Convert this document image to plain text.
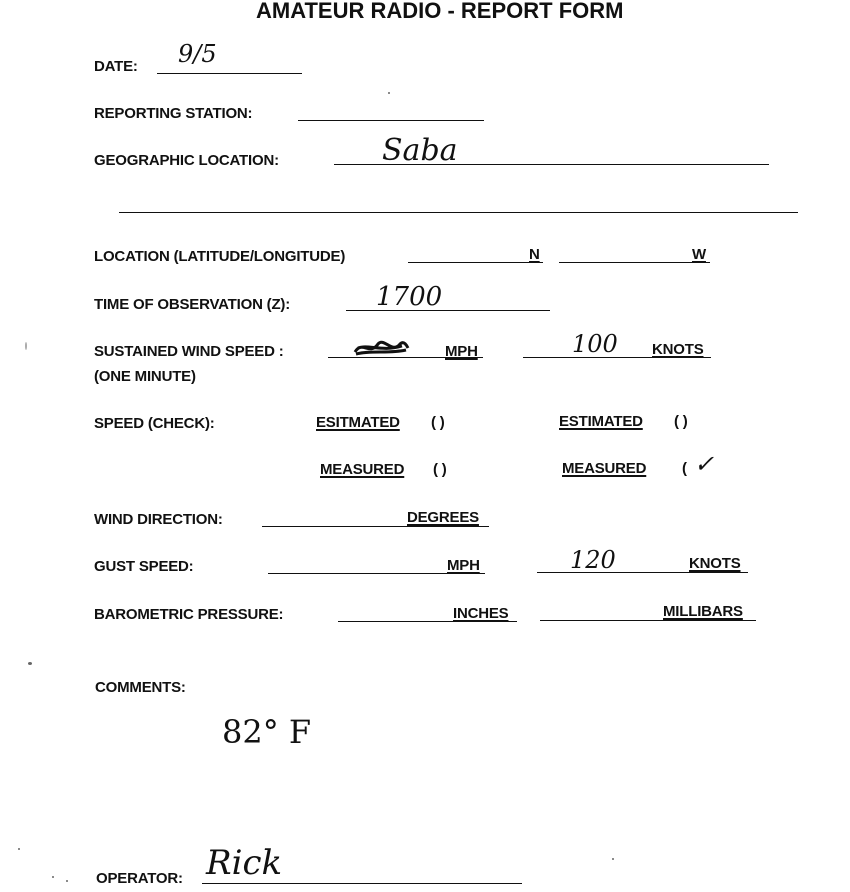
AMATEUR RADIO - REPORT FORM
DATE: 9/5
REPORTING STATION:
GEOGRAPHIC LOCATION:	Saba
LOCATION (LATITUDE/LONGITUDE)	N	W
TIME OF OBSERVATION (Z):	1700
SUSTAINED WIND SPEED :
(ONE MINUTE)
MPH	100 KNOTS
SPEED (CHECK):	ESITMATED ( )	ESTIMATED ( )
MEASURED ( )	MEASURED ( ✓
WIND DIRECTION:	DEGREES
GUST SPEED:	MPH	120	KNOTS
BAROMETRIC PRESSURE:	INCHES	MILLIBARS
COMMENTS:
82° F
OPERATOR: Rick
